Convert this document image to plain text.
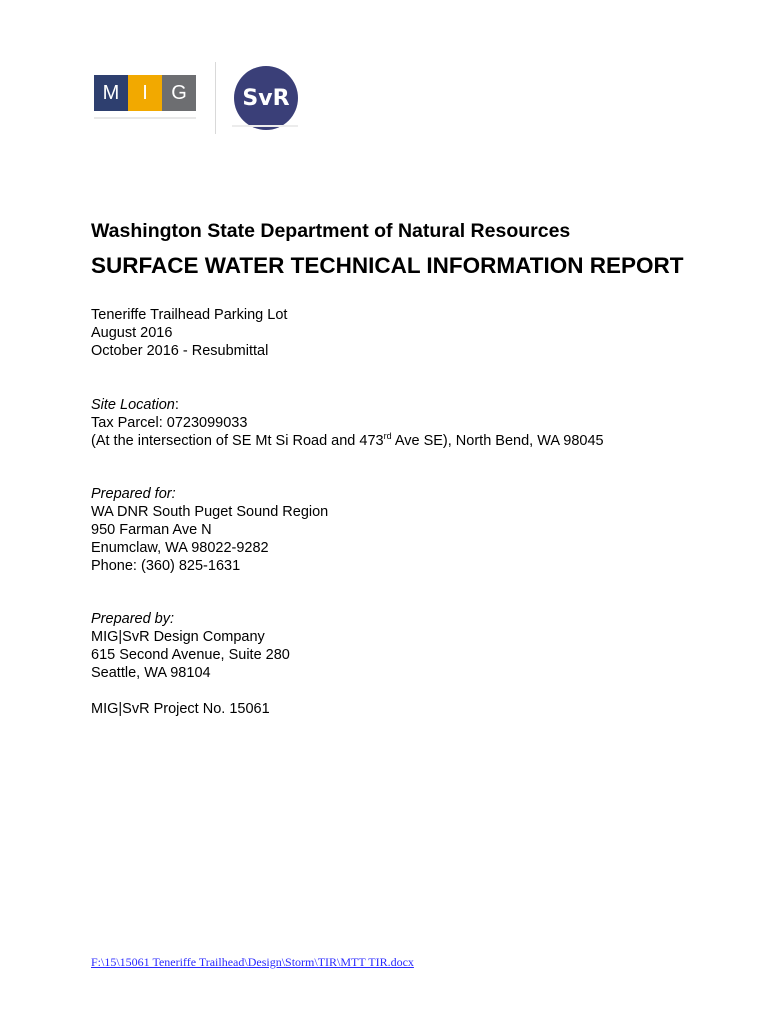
M	I	G	SvR
Washington State Department of Natural Resources
SURFACE WATER TECHNICAL INFORMATION REPORT
Teneriffe Trailhead Parking Lot
August 2016
October 2016 - Resubmittal
Site Location:
Tax Parcel: 0723099033
(At the intersection of SE Mt Si Road and 473rd Ave SE), North Bend, WA 98045
Prepared for:
WA DNR South Puget Sound Region
950 Farman Ave N
Enumclaw, WA 98022-9282
Phone: (360) 825-1631
Prepared by:
MIG|SvR Design Company
615 Second Avenue, Suite 280
Seattle, WA 98104
MIG|SvR Project No. 15061
F:\15\15061 Teneriffe Trailhead\Design\Storm\TIR\MTT TIR.docx
